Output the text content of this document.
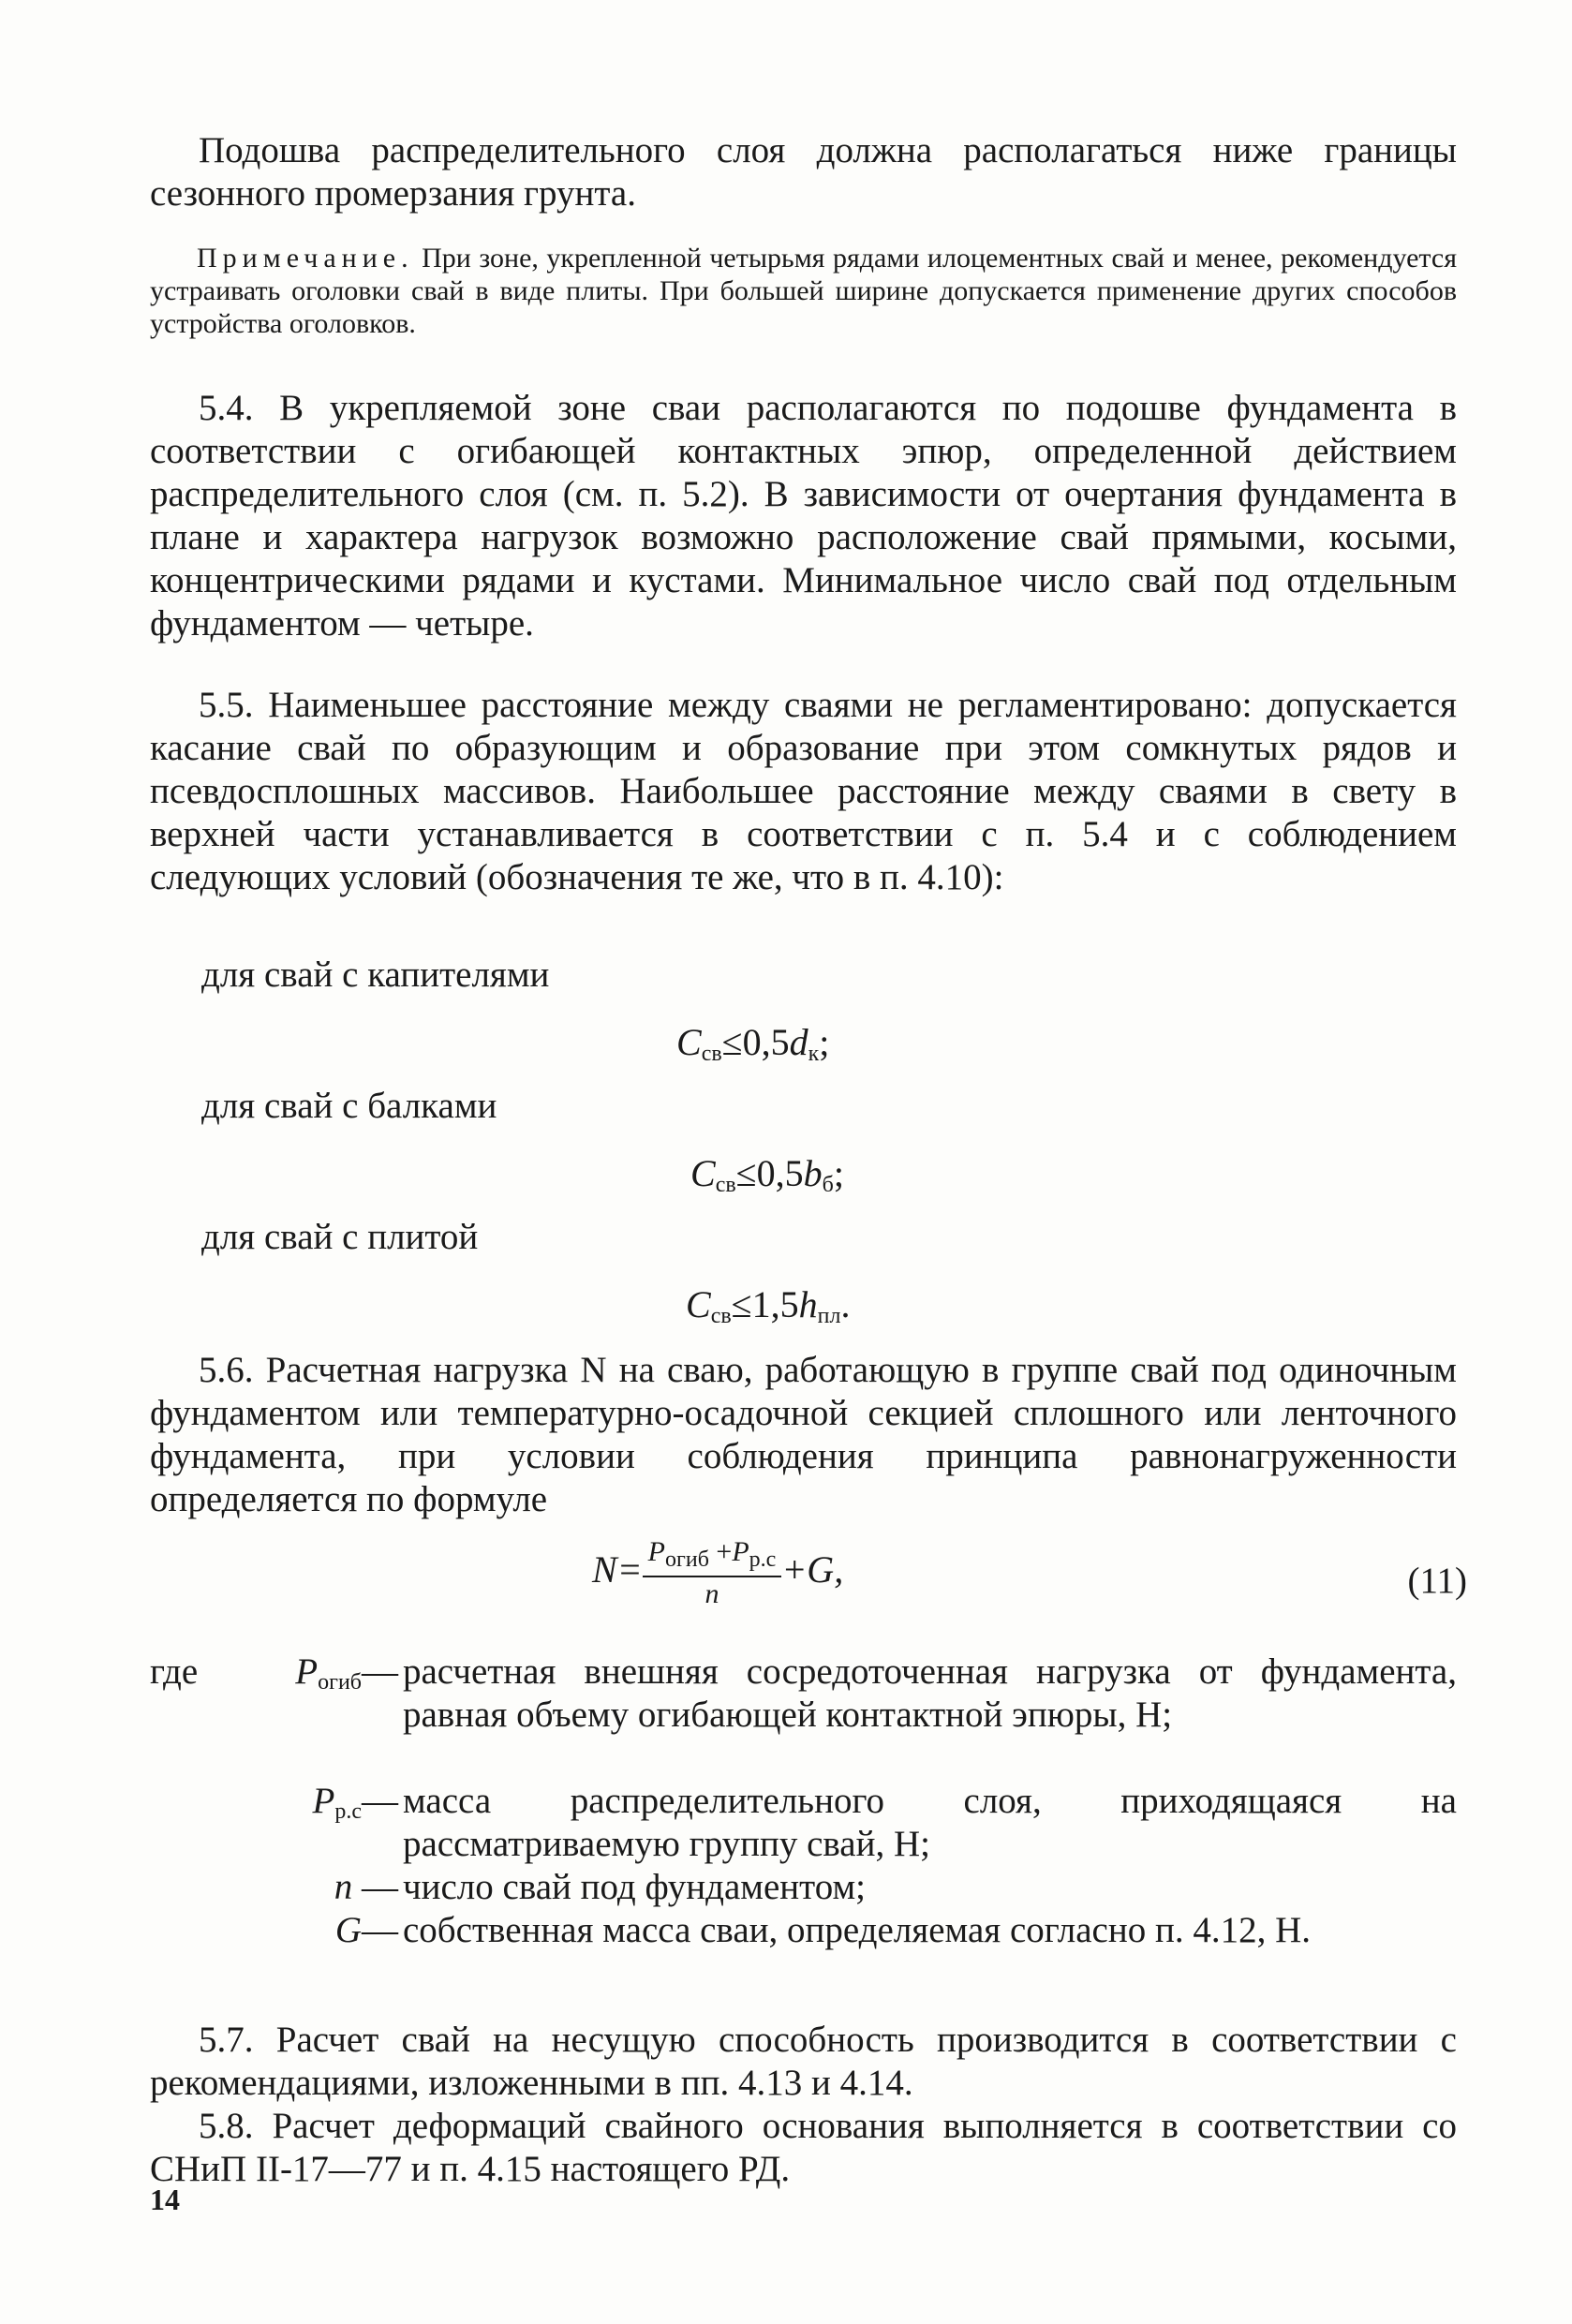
Подошва распределительного слоя должна располагаться ниже границы сезонного промерзания грунта.
Примечание. При зоне, укрепленной четырьмя рядами илоцементных свай и менее, рекомендуется устраивать оголовки свай в виде плиты. При большей ширине допускается применение других способов устройства оголовков.
5.4. В укрепляемой зоне сваи располагаются по подошве фундамента в соответствии с огибающей контактных эпюр, определенной действием распределительного слоя (см. п. 5.2). В зависимости от очертания фундамента в плане и характера нагрузок возможно расположение свай прямыми, косыми, концентрическими рядами и кустами. Минимальное число свай под отдельным фундаментом — четыре.
5.5. Наименьшее расстояние между сваями не регламентировано: допускается касание свай по образующим и образование при этом сомкнутых рядов и псевдосплошных массивов. Наибольшее расстояние между сваями в свету в верхней части устанавливается в соответствии с п. 5.4 и с соблюдением следующих условий (обозначения те же, что в п. 4.10):
для свай с капителями
$C_{св}\le 0,5d_к$;
для свай с балками
$C_{св}\le 0,5b_б$;
для свай с плитой
$C_{св}\le 1,5h_{пл}$.
5.6. Расчетная нагрузка N на сваю, работающую в группе свай под одиночным фундаментом или температурно-осадочной секцией сплошного или ленточного фундамента, при условии соблюдения принципа равнонагруженности определяется по формуле
$N= \frac{P_{огиб} +P_{р.с}}{n} +G$,	(11)
где	$P_{огиб}—$ расчетная внешняя сосредоточенная нагрузка от фундамента, равная объему огибающей контактной эпюры, Н;
$P_{р.с}—$ масса распределительного слоя, приходящаяся на рассматриваемую группу свай, Н;
n — число свай под фундаментом;
G— собственная масса сваи, определяемая согласно п. 4.12, Н.
5.7. Расчет свай на несущую способность производится в соответствии с рекомендациями, изложенными в пп. 4.13 и 4.14.
5.8. Расчет деформаций свайного основания выполняется в соответствии со СНиП II-17—77 и п. 4.15 настоящего РД.
14
